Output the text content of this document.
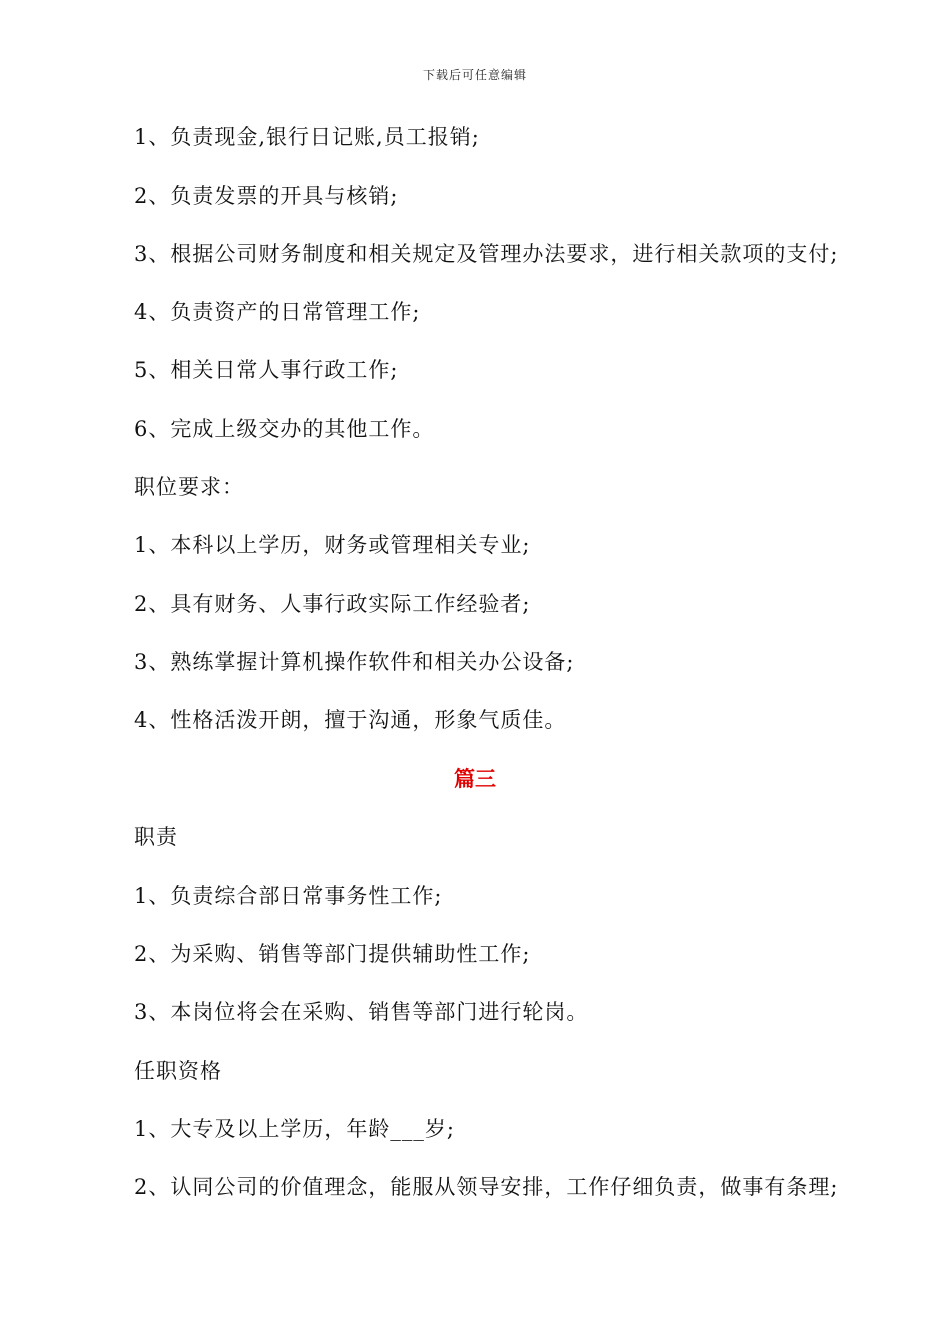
下载后可任意编辑
1、负责现金,银行日记账,员工报销;
2、负责发票的开具与核销;
3、根据公司财务制度和相关规定及管理办法要求，进行相关款项的支付;
4、负责资产的日常管理工作;
5、相关日常人事行政工作;
6、完成上级交办的其他工作。
职位要求：
1、本科以上学历，财务或管理相关专业;
2、具有财务、人事行政实际工作经验者;
3、熟练掌握计算机操作软件和相关办公设备;
4、性格活泼开朗，擅于沟通，形象气质佳。
篇三
职责
1、负责综合部日常事务性工作;
2、为采购、销售等部门提供辅助性工作;
3、本岗位将会在采购、销售等部门进行轮岗。
任职资格
1、大专及以上学历，年龄___岁;
2、认同公司的价值理念，能服从领导安排，工作仔细负责，做事有条理;
